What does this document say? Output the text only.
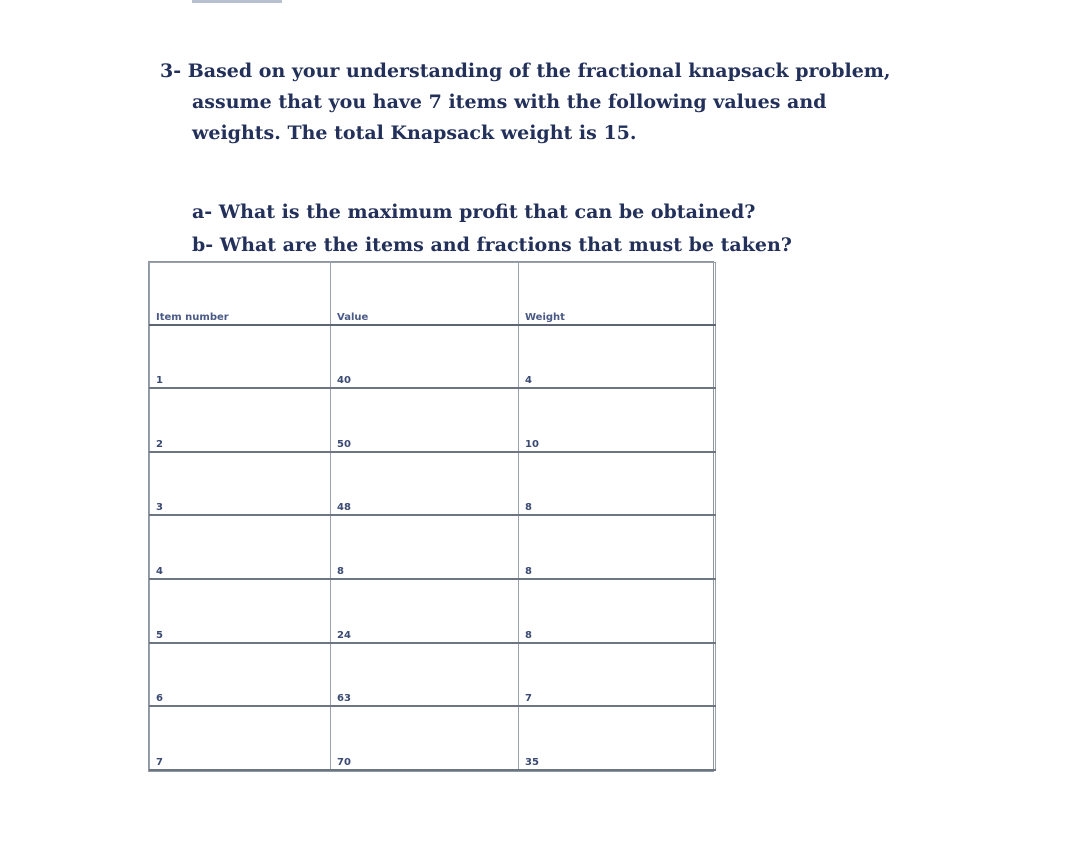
3- Based on your understanding of the fractional knapsack problem,
assume that you have 7 items with the following values and
weights. The total Knapsack weight is 15.
a- What is the maximum profit that can be obtained?
b- What are the items and fractions that must be taken?
Item number	Value	Weight
1	40	4
2	50	10
3	48	8
4	8	8
5	24	8
6	63	7
7	70	35
